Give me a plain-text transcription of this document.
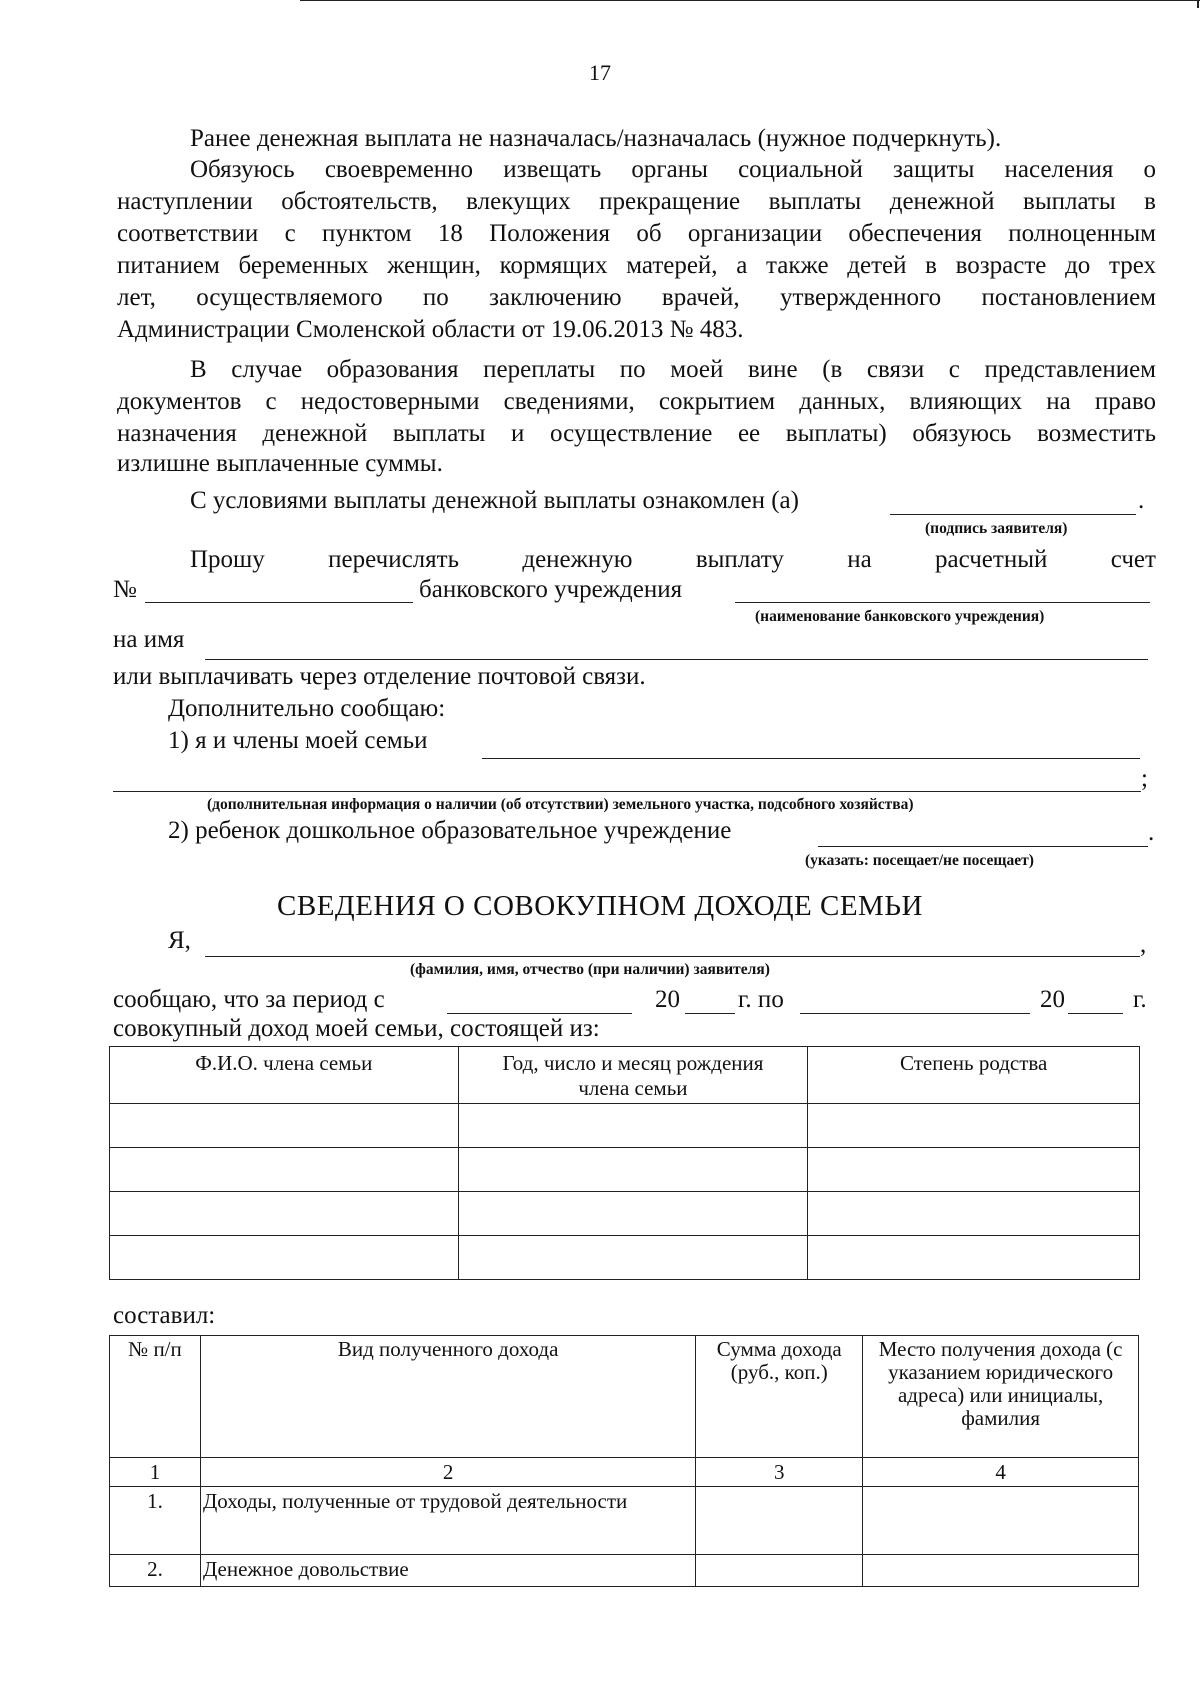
17
Ранее денежная выплата не назначалась/назначалась (нужное подчеркнуть).
Обязуюсь своевременно извещать органы социальной защиты населения о
наступлении обстоятельств, влекущих прекращение выплаты денежной выплаты в
соответствии с пунктом 18 Положения об организации обеспечения полноценным
питанием беременных женщин, кормящих матерей, а также детей в возрасте до трех
лет, осуществляемого по заключению врачей, утвержденного постановлением
Администрации Смоленской области от 19.06.2013 № 483.
В случае образования переплаты по моей вине (в связи с представлением
документов с недостоверными сведениями, сокрытием данных, влияющих на право
назначения денежной выплаты и осуществление ее выплаты) обязуюсь возместить
излишне выплаченные суммы.
С условиями выплаты денежной выплаты ознакомлен (а)	.
(подпись заявителя)
Прошу	перечислять	денежную	выплату	на	расчетный	счет
№	банковского учреждения
(наименование банковского учреждения)
на имя
или выплачивать через отделение почтовой связи.
Дополнительно сообщаю:
1) я и члены моей семьи
;
(дополнительная информация о наличии (об отсутствии) земельного участка, подсобного хозяйства)
2) ребенок дошкольное образовательное учреждение	.
(указать: посещает/не посещает)
СВЕДЕНИЯ О СОВОКУПНОМ ДОХОДЕ СЕМЬИ
Я,	,
(фамилия, имя, отчество (при наличии) заявителя)
сообщаю, что за период с	20 г. по	20	г.
совокупный доход моей семьи, состоящей из:
Ф.И.О. члена семьи	Год, число и месяц рождения члена семьи	Степень родства

составил:
№ п/п	Вид полученного дохода	Сумма дохода (руб., коп.)	Место получения дохода (с указанием юридического адреса) или инициалы, фамилия
1	2	3	4
1.	Доходы, полученные от трудовой деятельности		
2.	Денежное довольствие		
